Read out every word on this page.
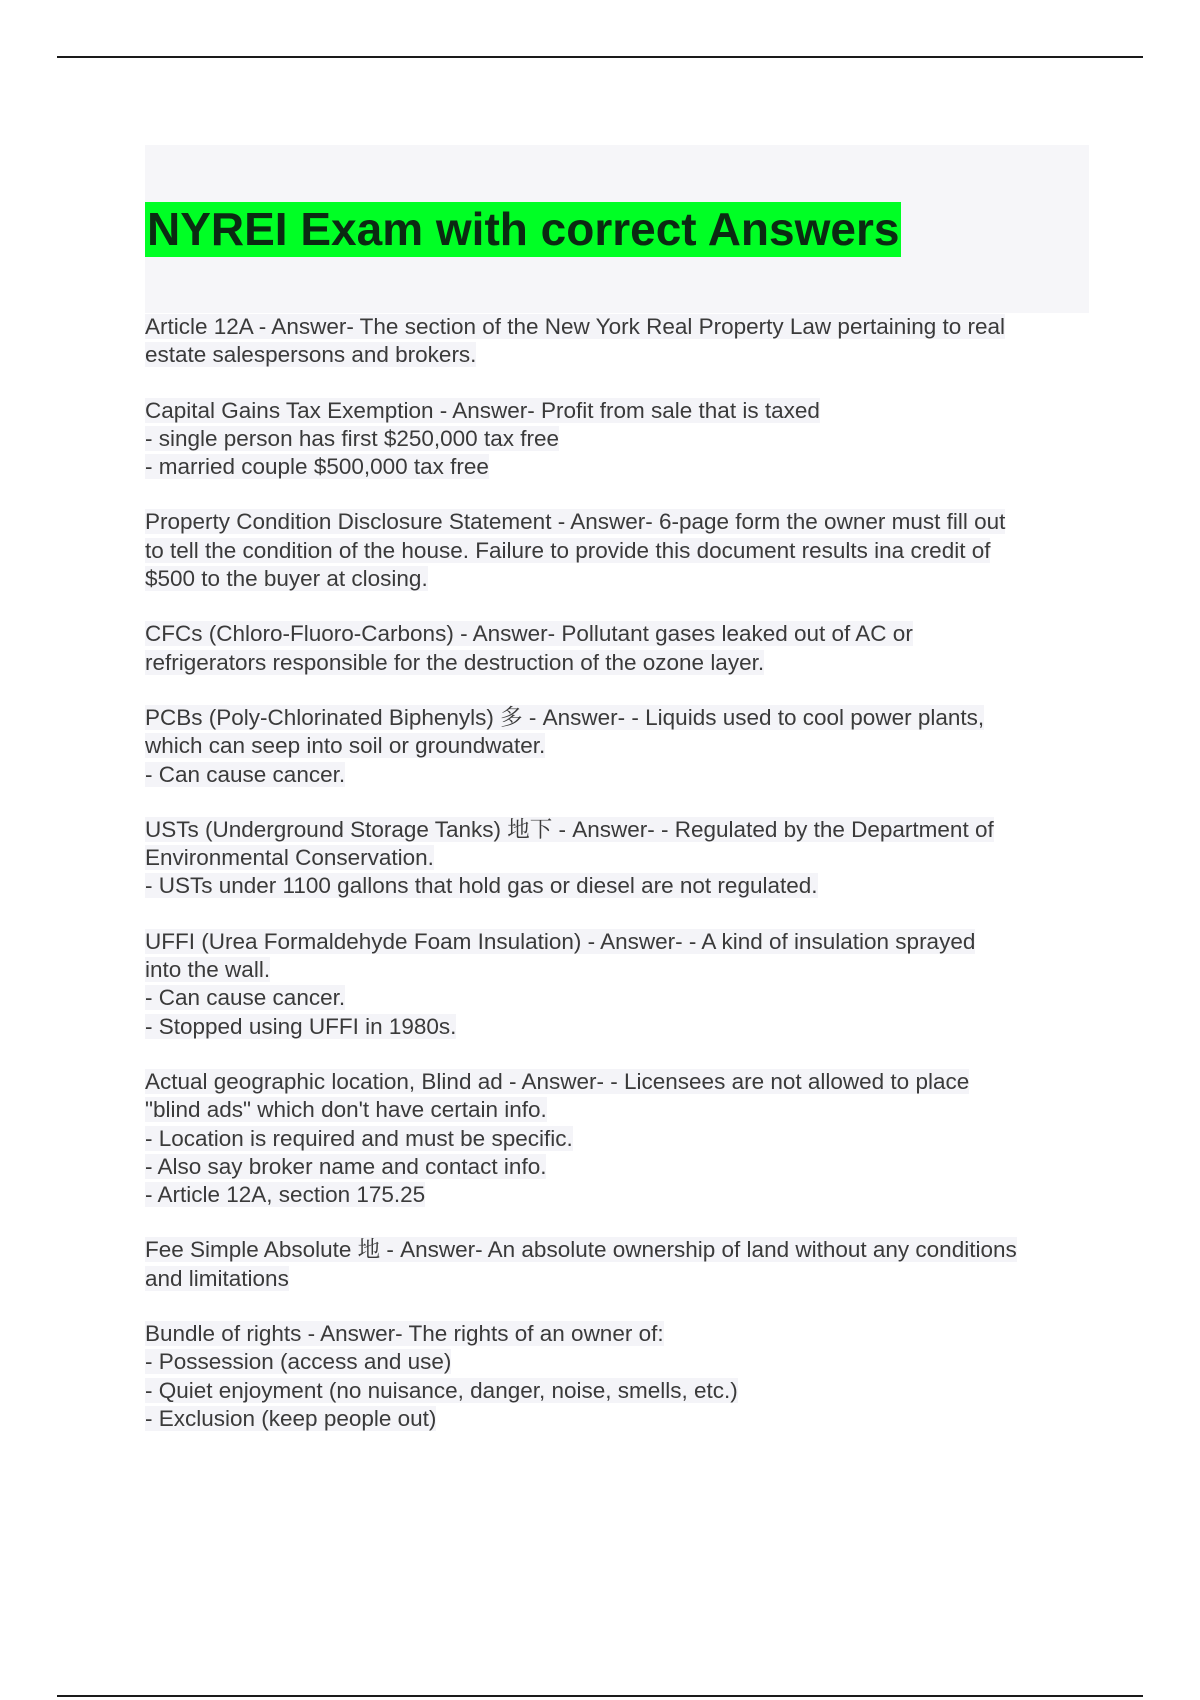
NYREI Exam with correct Answers
Article 12A - Answer- The section of the New York Real Property Law pertaining to real
estate salespersons and brokers.
Capital Gains Tax Exemption - Answer- Profit from sale that is taxed
- single person has first $250,000 tax free
- married couple $500,000 tax free
Property Condition Disclosure Statement - Answer- 6-page form the owner must fill out
to tell the condition of the house. Failure to provide this document results ina credit of
$500 to the buyer at closing.
CFCs (Chloro-Fluoro-Carbons) - Answer- Pollutant gases leaked out of AC or
refrigerators responsible for the destruction of the ozone layer.
PCBs (Poly-Chlorinated Biphenyls) 多 - Answer- - Liquids used to cool power plants,
which can seep into soil or groundwater.
- Can cause cancer.
USTs (Underground Storage Tanks) 地下 - Answer- - Regulated by the Department of
Environmental Conservation.
- USTs under 1100 gallons that hold gas or diesel are not regulated.
UFFI (Urea Formaldehyde Foam Insulation) - Answer- - A kind of insulation sprayed
into the wall.
- Can cause cancer.
- Stopped using UFFI in 1980s.
Actual geographic location, Blind ad - Answer- - Licensees are not allowed to place
"blind ads" which don't have certain info.
- Location is required and must be specific.
- Also say broker name and contact info.
- Article 12A, section 175.25
Fee Simple Absolute 地 - Answer- An absolute ownership of land without any conditions
and limitations
Bundle of rights - Answer- The rights of an owner of:
- Possession (access and use)
- Quiet enjoyment (no nuisance, danger, noise, smells, etc.)
- Exclusion (keep people out)
